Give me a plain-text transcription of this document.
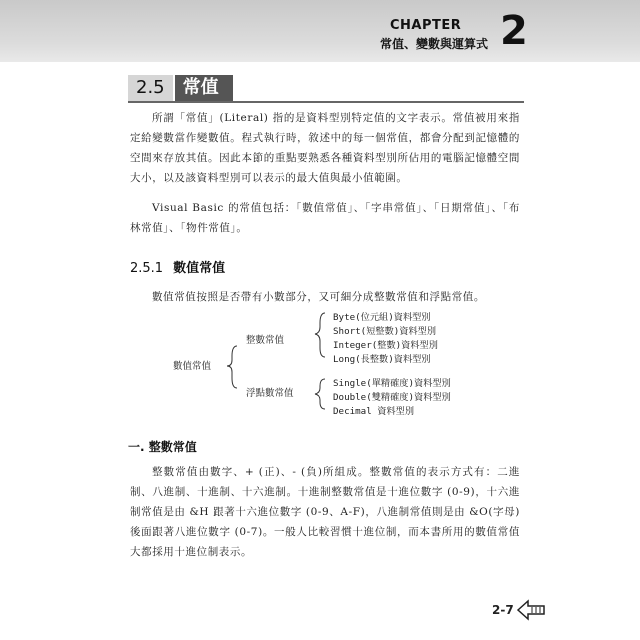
CHAPTER
常值、變數與運算式 2
2.5	常值

所謂「常值」(Literal) 指的是資料型別特定值的文字表示。常值被用來指定給變數當作變數值。程式執行時，敘述中的每一個常值，都會分配到記憶體的空間來存放其值。因此本節的重點要熟悉各種資料型別所佔用的電腦記憶體空間大小，以及該資料型別可以表示的最大值與最小值範圍。

Visual Basic 的常值包括：「數值常值」、「字串常值」、「日期常值」、「布林常值」、「物件常值」。

2.5.1 數值常值

數值常值按照是否帶有小數部分，又可細分成整數常值和浮點常值。

數值常值
整數常值
浮點數常值
Byte(位元組)資料型別
Short(短整數)資料型別
Integer(整數)資料型別
Long(長整數)資料型別
Single(單精確度)資料型別
Double(雙精確度)資料型別
Decimal 資料型別
一. 整數常值

整數常值由數字、+ (正)、- (負)所組成。整數常值的表示方式有：二進制、八進制、十進制、十六進制。十進制整數常值是十進位數字 (0-9)，十六進制常值是由 &H 跟著十六進位數字 (0-9、A-F)，八進制常值則是由 &O(字母) 後面跟著八進位數字 (0-7)。一般人比較習慣十進位制，而本書所用的數值常值大都採用十進位制表示。

2-7
